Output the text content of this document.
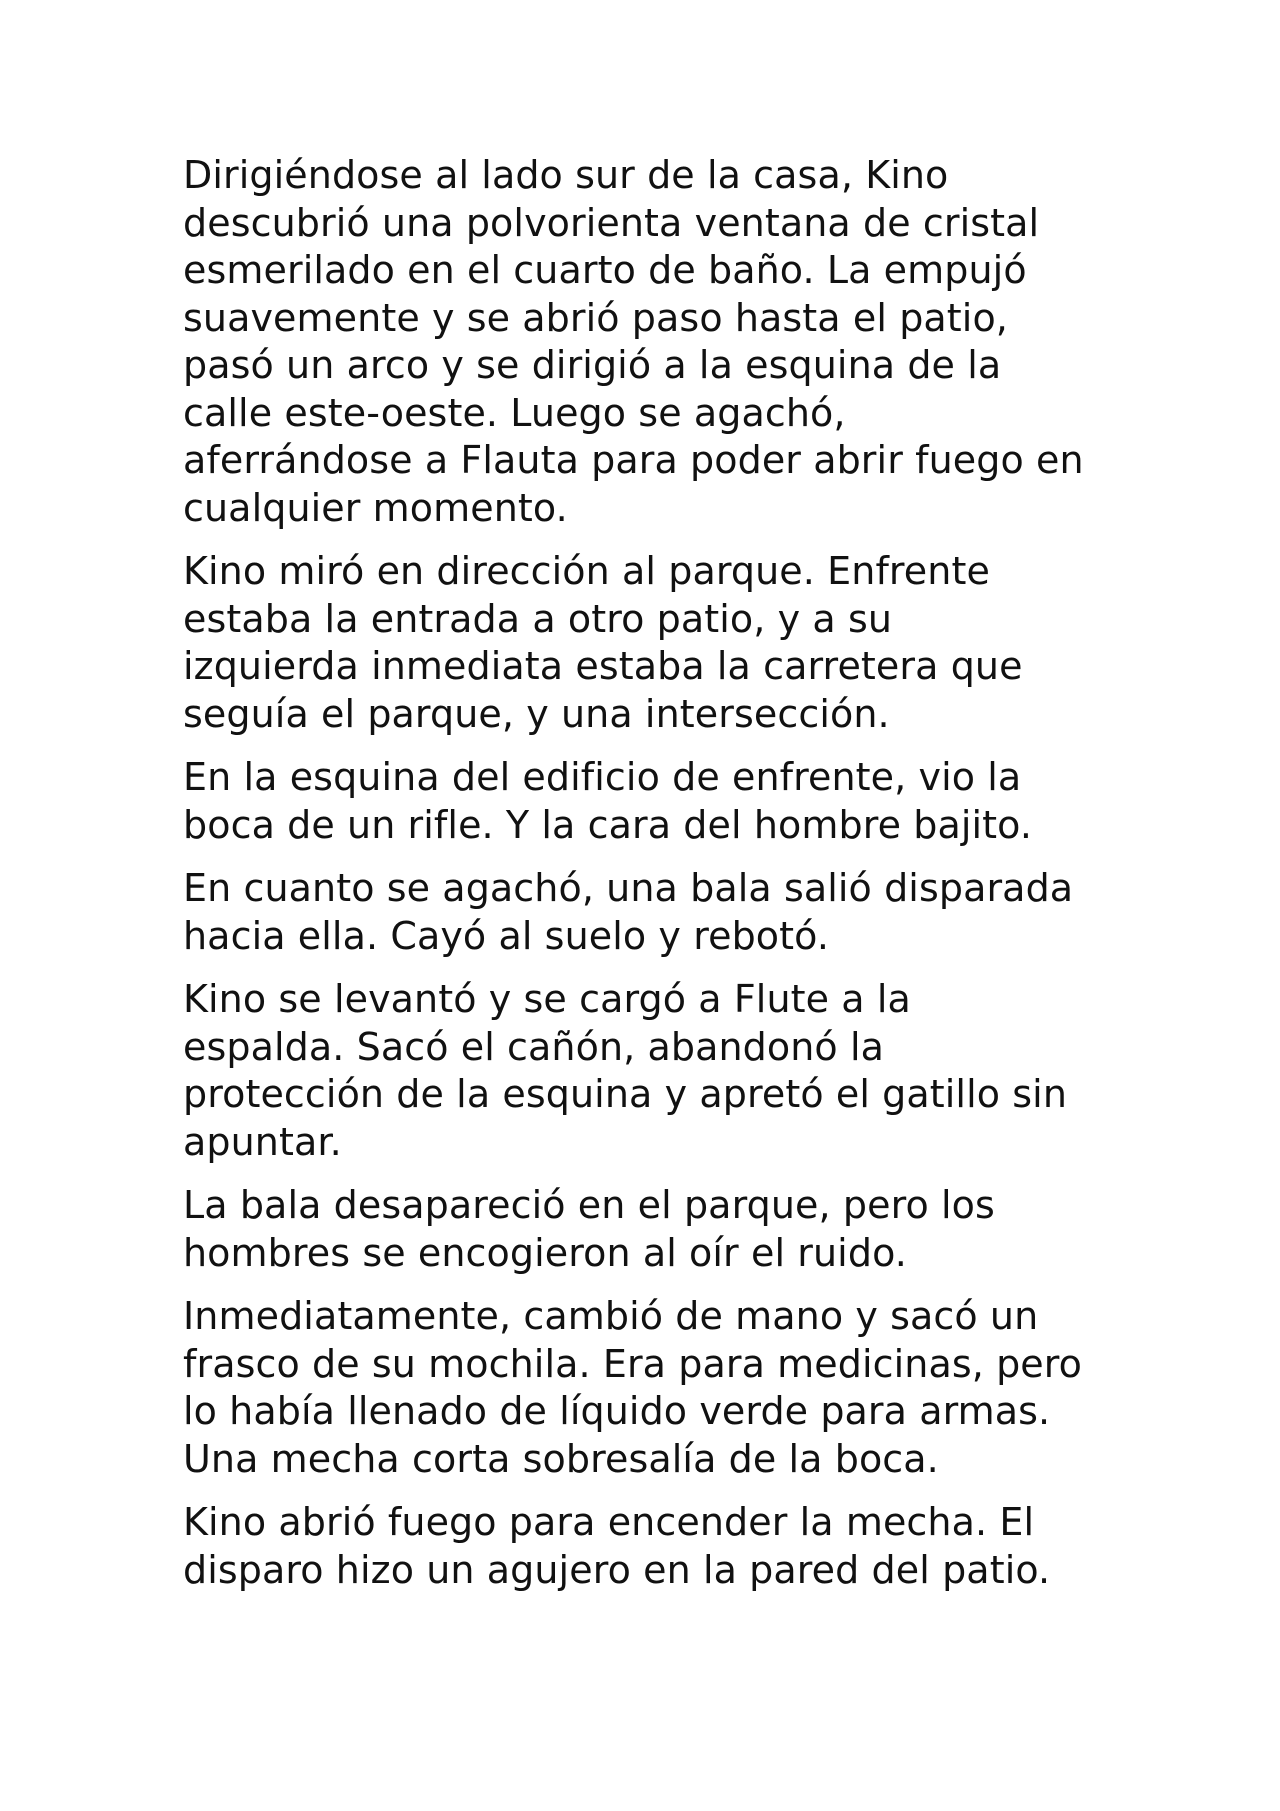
Dirigiéndose al lado sur de la casa, Kino
descubrió una polvorienta ventana de cristal
esmerilado en el cuarto de baño. La empujó
suavemente y se abrió paso hasta el patio,
pasó un arco y se dirigió a la esquina de la
calle este-oeste. Luego se agachó,
aferrándose a Flauta para poder abrir fuego en
cualquier momento.
Kino miró en dirección al parque. Enfrente
estaba la entrada a otro patio, y a su
izquierda inmediata estaba la carretera que
seguía el parque, y una intersección.
En la esquina del edificio de enfrente, vio la
boca de un rifle. Y la cara del hombre bajito.
En cuanto se agachó, una bala salió disparada
hacia ella. Cayó al suelo y rebotó.
Kino se levantó y se cargó a Flute a la
espalda. Sacó el cañón, abandonó la
protección de la esquina y apretó el gatillo sin
apuntar.
La bala desapareció en el parque, pero los
hombres se encogieron al oír el ruido.
Inmediatamente, cambió de mano y sacó un
frasco de su mochila. Era para medicinas, pero
lo había llenado de líquido verde para armas.
Una mecha corta sobresalía de la boca.
Kino abrió fuego para encender la mecha. El
disparo hizo un agujero en la pared del patio.
